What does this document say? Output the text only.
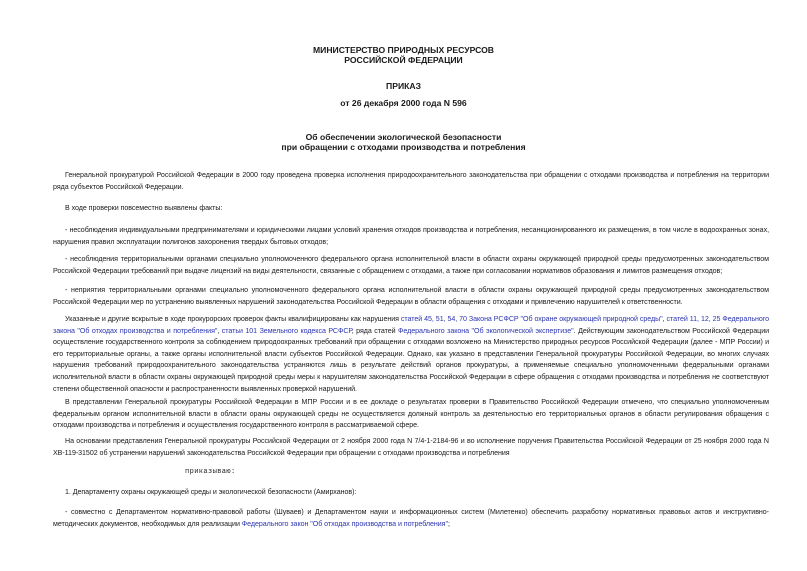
МИНИСТЕРСТВО ПРИРОДНЫХ РЕСУРСОВ
РОССИЙСКОЙ ФЕДЕРАЦИИ
ПРИКАЗ
от 26 декабря 2000 года N 596
Об обеспечении экологической безопасности
при обращении с отходами производства и потребления

Генеральной прокуратурой Российской Федерации в 2000 году проведена проверка исполнения природоохранительного законодательства при обращении с отходами производства и потребления на территории ряда субъектов Российской Федерации.

В ходе проверки повсеместно выявлены факты:

- несоблюдения индивидуальными предпринимателями и юридическими лицами условий хранения отходов производства и потребления, несанкционированного их размещения, в том числе в водоохранных зонах, нарушения правил эксплуатации полигонов захоронения твердых бытовых отходов;

- несоблюдения территориальными органами специально уполномоченного федерального органа исполнительной власти в области охраны окружающей природной среды предусмотренных законодательством Российской Федерации требований при выдаче лицензий на виды деятельности, связанные с обращением с отходами, а также при согласовании нормативов образования и лимитов размещения отходов;

- неприятия территориальными органами специально уполномоченного федерального органа исполнительной власти в области охраны окружающей природной среды предусмотренных законодательством Российской Федерации мер по устранению выявленных нарушений законодательства Российской Федерации в области обращения с отходами и привлечению нарушителей к ответственности.

Указанные и другие вскрытые в ходе прокурорских проверок факты квалифицированы как нарушения статей 45, 51, 54, 70 Закона РСФСР "Об охране окружающей природной среды", статей 11, 12, 25 Федерального закона "Об отходах производства и потребления", статьи 101 Земельного кодекса РСФСР, ряда статей Федерального закона "Об экологической экспертизе". Действующим законодательством Российской Федерации осуществление государственного контроля за соблюдением природоохранных требований при обращении с отходами возложено на Министерство природных ресурсов Российской Федерации (далее - МПР России) и его территориальные органы, а также органы исполнительной власти субъектов Российской Федерации. Однако, как указано в представлении Генеральной прокуратуры Российской Федерации, во многих случаях нарушения требований природоохранительного законодательства устраняются лишь в результате действий органов прокуратуры, а применяемые специально уполномоченными федеральными органами исполнительной власти в области охраны окружающей природной среды меры к нарушителям законодательства Российской Федерации в сфере обращения с отходами производства и потребления не соответствуют степени общественной опасности и распространенности выявленных проверкой нарушений.

В представлении Генеральной прокуратуры Российской Федерации в МПР России и в ее докладе о результатах проверки в Правительство Российской Федерации отмечено, что специально уполномоченным федеральным органом исполнительной власти в области ораны окружающей среды не осуществляется должный контроль за деятельностью его территориальных органов в области регулирования обращения с отходами производства и потребления и осуществления государственного контроля в рассматриваемой сфере.

На основании представления Генеральной прокуратуры Российской Федерации от 2 ноября 2000 года N 7/4-1-2184-96 и во исполнение поручения Правительства Российской Федерации от 25 ноября 2000 года N ХВ-119-31502 об устранении нарушений законодательства Российской Федерации при обращении с отходами производства и потребления

приказываю:

1. Департаменту охраны окружающей среды и экологической безопасности (Амирханов):

- совместно с Департаментом нормативно-правовой работы (Шуваев) и Департаментом науки и информационных систем (Милетенко) обеспечить разработку нормативных правовых актов и инструктивно-методических документов, необходимых для реализации Федерального закон "Об отходах производства и потребления";
